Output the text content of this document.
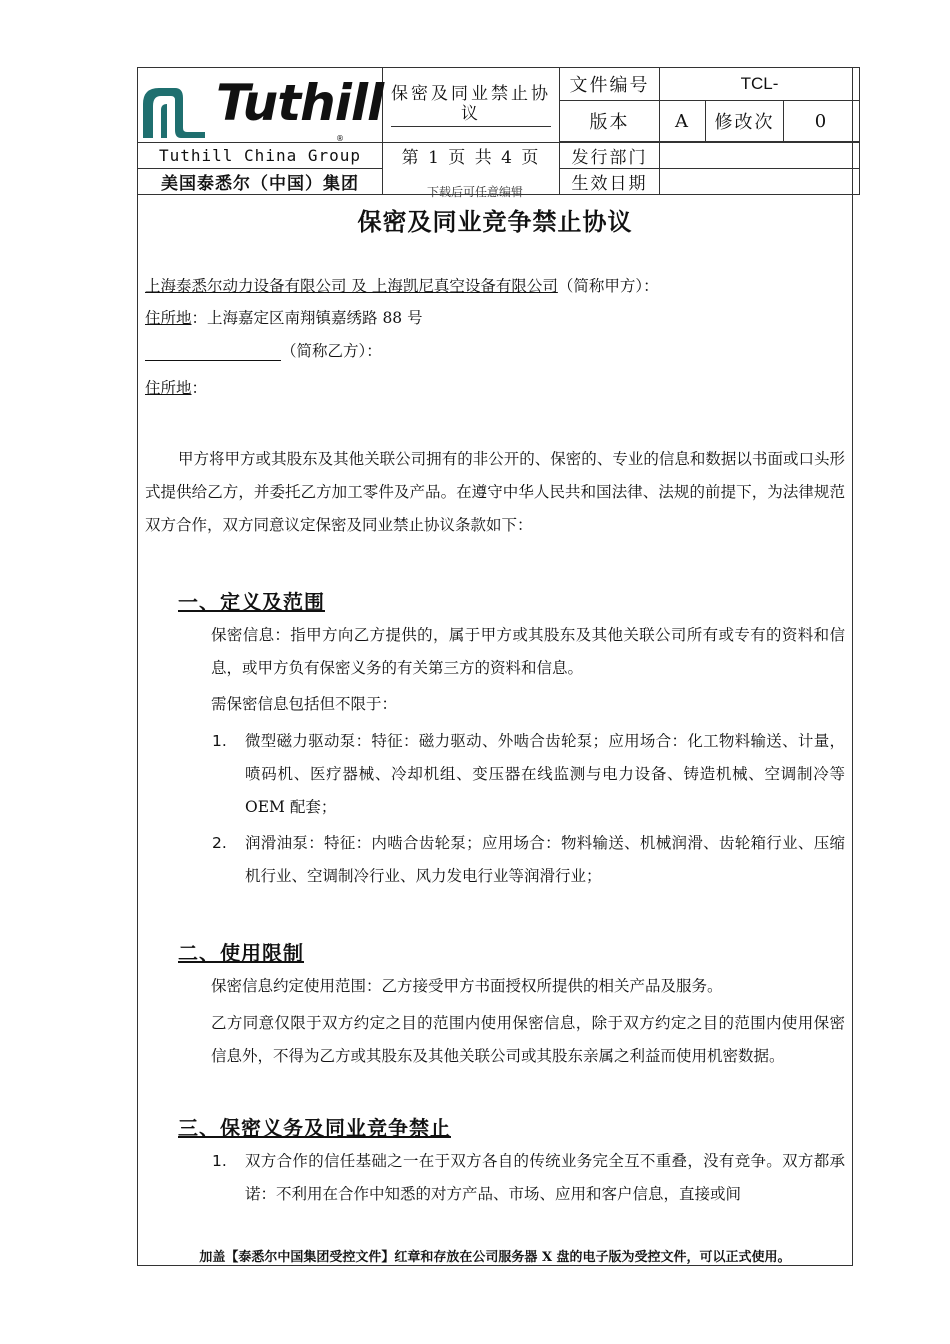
Tuthill
®	保密及同业禁止协议	文件编号	TCL-		
		版本	A	修改次	0

Tuthill China Group	第 1 页 共 4 页	发行部门			
美国泰悉尔（中国）集团		生效日期			
下载后可任意编辑
保密及同业竞争禁止协议
上海泰悉尔动力设备有限公司 及 上海凯尼真空设备有限公司（简称甲方）：
住所地：上海嘉定区南翔镇嘉绣路 88 号
（简称乙方）：
住所地：
甲方将甲方或其股东及其他关联公司拥有的非公开的、保密的、专业的信息和数据以书面或口头形式提供给乙方，并委托乙方加工零件及产品。在遵守中华人民共和国法律、法规的前提下，为法律规范双方合作，双方同意议定保密及同业禁止协议条款如下：
一、定义及范围
保密信息：指甲方向乙方提供的，属于甲方或其股东及其他关联公司所有或专有的资料和信息，或甲方负有保密义务的有关第三方的资料和信息。
需保密信息包括但不限于：
1. 微型磁力驱动泵：特征：磁力驱动、外啮合齿轮泵；应用场合：化工物料输送、计量，喷码机、医疗器械、冷却机组、变压器在线监测与电力设备、铸造机械、空调制冷等 OEM 配套；
2. 润滑油泵：特征：内啮合齿轮泵；应用场合：物料输送、机械润滑、齿轮箱行业、压缩机行业、空调制冷行业、风力发电行业等润滑行业；
二、使用限制
保密信息约定使用范围：乙方接受甲方书面授权所提供的相关产品及服务。
乙方同意仅限于双方约定之目的范围内使用保密信息，除于双方约定之目的范围内使用保密信息外，不得为乙方或其股东及其他关联公司或其股东亲属之利益而使用机密数据。
三、保密义务及同业竞争禁止
1. 双方合作的信任基础之一在于双方各自的传统业务完全互不重叠，没有竞争。双方都承诺：不利用在合作中知悉的对方产品、市场、应用和客户信息，直接或间
加盖【泰悉尔中国集团受控文件】红章和存放在公司服务器 X 盘的电子版为受控文件，可以正式使用。
